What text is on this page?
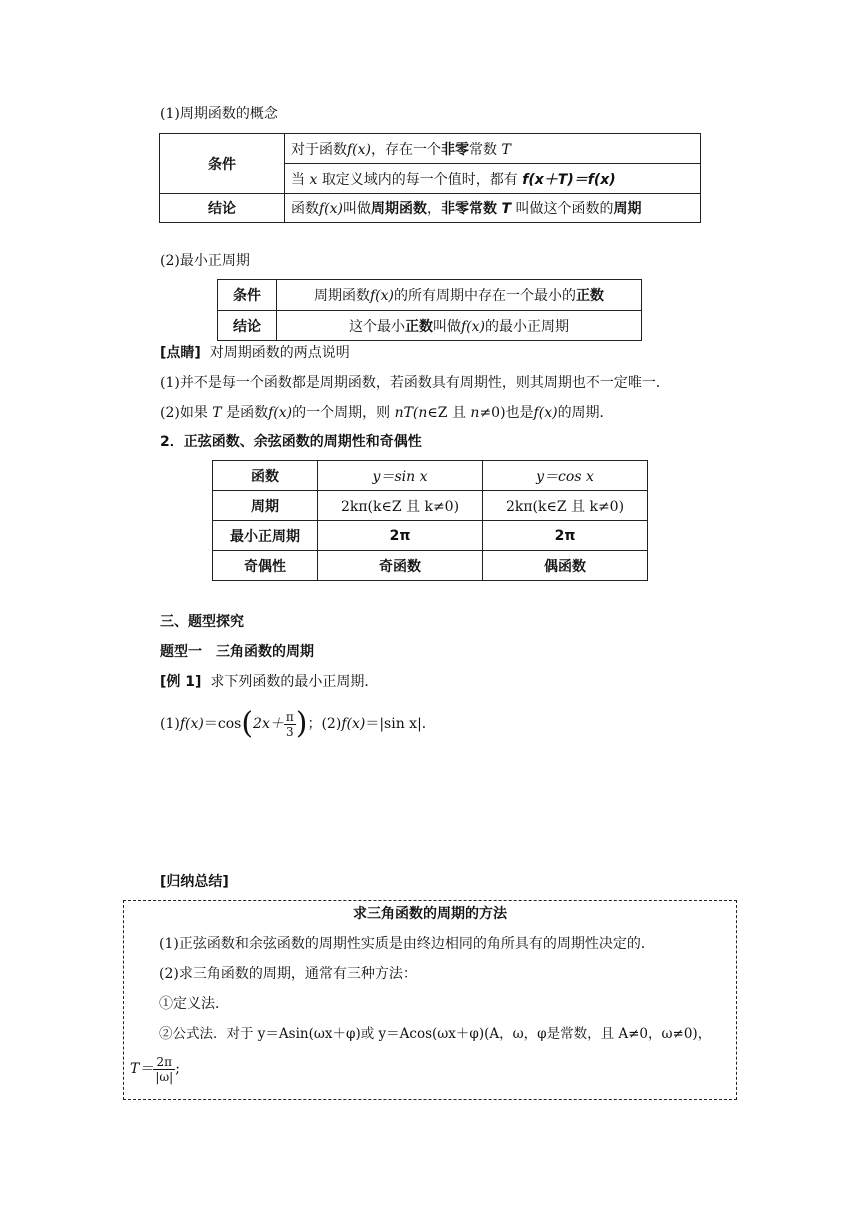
(1)周期函数的概念
条件	对于函数f(x)，存在一个非零常数 T
	当 x 取定义域内的每一个值时，都有 f(x＋T)＝f(x)
结论	函数f(x)叫做周期函数，非零常数 T 叫做这个函数的周期
(2)最小正周期
条件	周期函数f(x)的所有周期中存在一个最小的正数
结论	这个最小正数叫做f(x)的最小正周期
[点睛] 对周期函数的两点说明
(1)并不是每一个函数都是周期函数，若函数具有周期性，则其周期也不一定唯一．
(2)如果 T 是函数f(x)的一个周期，则 nT(n∈Z 且 n≠0)也是f(x)的周期．
2．正弦函数、余弦函数的周期性和奇偶性
函数	y＝sin x	y＝cos x
周期	2kπ(k∈Z 且 k≠0)	2kπ(k∈Z 且 k≠0)
最小正周期	2π	2π
奇偶性	奇函数	偶函数
三、题型探究
题型一　三角函数的周期
[例 1] 求下列函数的最小正周期．
$(1)f(x)=\cos(2x+ \frac{\pi}{3}$ )；(2)f(x)＝|sin x|．
[归纳总结]
求三角函数的周期的方法
(1)正弦函数和余弦函数的周期性实质是由终边相同的角所具有的周期性决定的．
(2)求三角函数的周期，通常有三种方法：
①定义法．
②公式法．对于 y＝Asin(ωx＋φ)或 y＝Acos(ωx＋φ)(A，ω，φ是常数，且 A≠0，ω≠0)，
$T= \frac{2\pi}{|\omega|}$ ;
